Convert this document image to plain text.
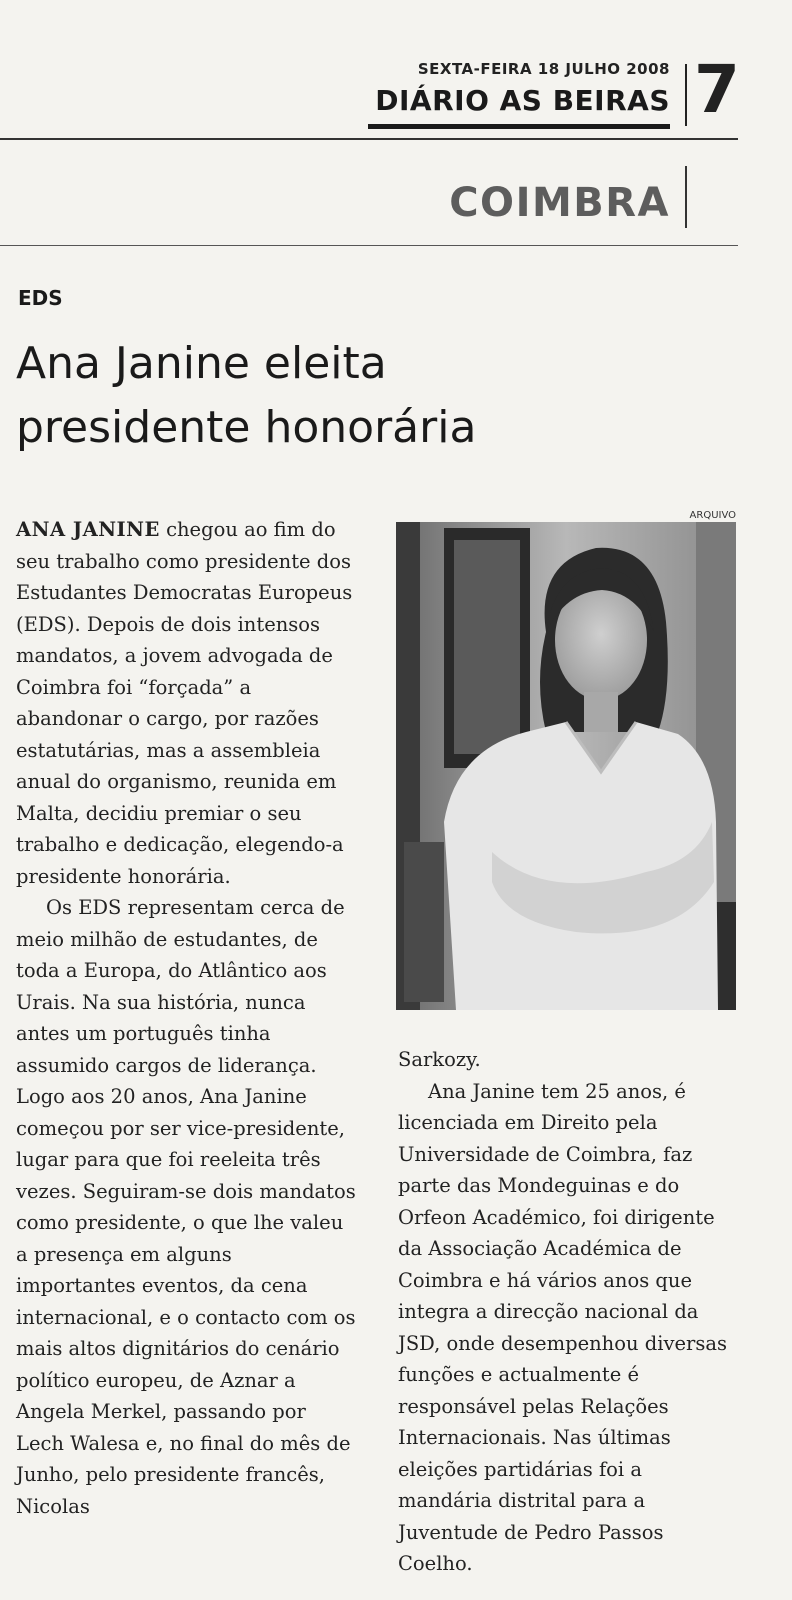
SEXTA-FEIRA 18 JULHO 2008
DIÁRIO AS BEIRAS 7
COIMBRA
EDS
Ana Janine eleita
presidente honorária

ANA JANINE chegou ao fim do seu trabalho como presidente dos Estudantes Democratas Europeus (EDS). Depois de dois intensos mandatos, a jovem advogada de Coimbra foi “forçada” a abandonar o cargo, por razões estatutárias, mas a assembleia anual do organismo, reunida em Malta, decidiu premiar o seu trabalho e dedicação, elegendo-a presidente honorária.

Os EDS representam cerca de meio milhão de estudantes, de toda a Europa, do Atlântico aos Urais. Na sua história, nunca antes um português tinha assumido cargos de liderança. Logo aos 20 anos, Ana Janine começou por ser vice-presidente, lugar para que foi reeleita três vezes. Seguiram-se dois mandatos como presidente, o que lhe valeu a presença em alguns importantes eventos, da cena internacional, e o contacto com os mais altos dignitários do cenário político europeu, de Aznar a Angela Merkel, passando por Lech Walesa e, no final do mês de Junho, pelo presidente francês, Nicolas

ARQUIVO

Sarkozy.

Ana Janine tem 25 anos, é licenciada em Direito pela Universidade de Coimbra, faz parte das Mondeguinas e do Orfeon Académico, foi dirigente da Associação Académica de Coimbra e há vários anos que integra a direcção nacional da JSD, onde desempenhou diversas funções e actualmente é responsável pelas Relações Internacionais. Nas últimas eleições partidárias foi a mandária distrital para a Juventude de Pedro Passos Coelho.
